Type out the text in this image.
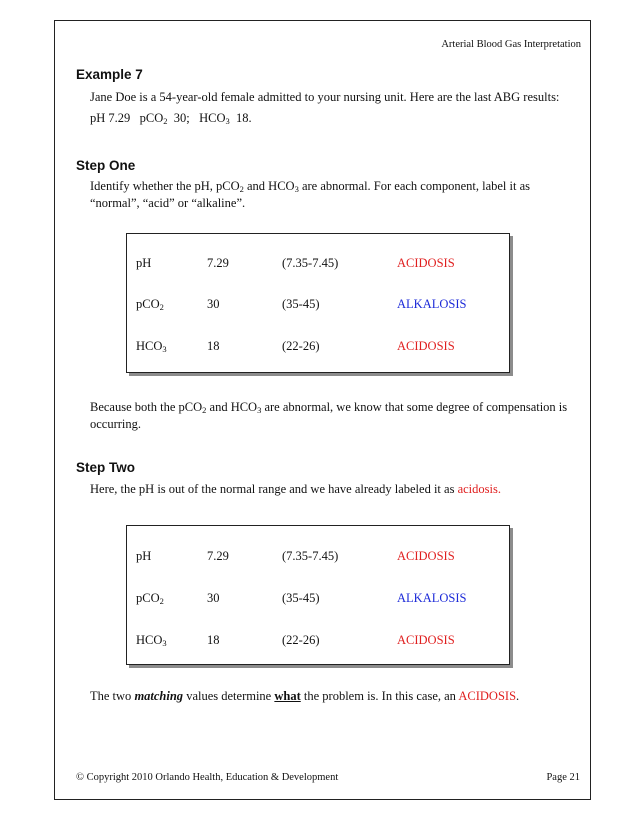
Arterial Blood Gas Interpretation
Example 7
Jane Doe is a 54-year-old female admitted to your nursing unit. Here are the last ABG results:
pH 7.29 pCO$_2$  30; $HCO_3$  18.
Step One
Identify whether the pH, pCO$_2$ and $HCO_3$ are abnormal. For each component, label it as
“normal”, “acid” or “alkaline”.
pH	7.29	(7.35-7.45)	ACIDOSIS
pCO$_2$	30	(35-45)	ALKALOSIS
$HCO_3$	18	(22-26)	ACIDOSIS
Because both the pCO$_2$ and $HCO_3$ are abnormal, we know that some degree of compensation is
occurring.
Step Two
Here, the pH is out of the normal range and we have already labeled it as acidosis.
pH	7.29	(7.35-7.45)	ACIDOSIS
pCO$_2$	30	(35-45)	ALKALOSIS
$HCO_3$	18	(22-26)	ACIDOSIS
The two matching values determine what the problem is. In this case, an ACIDOSIS.
© Copyright 2010 Orlando Health, Education & Development	Page 21
